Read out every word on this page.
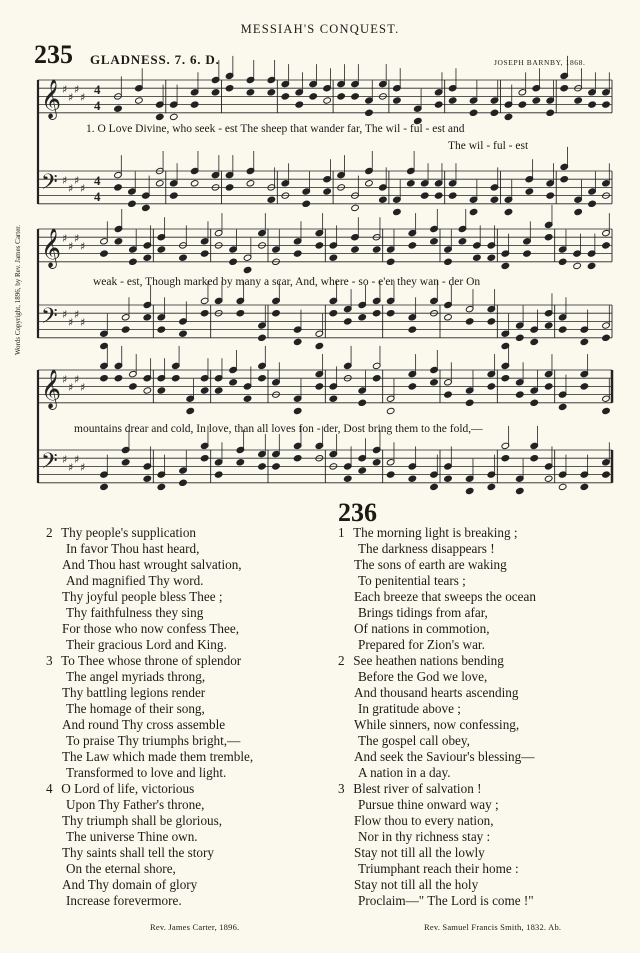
MESSIAH'S CONQUEST.
235 GLADNESS. 7. 6. D.	JOSEPH BARNBY, 1868.
Words Copyright, 1896, by Rev. James Carter.
𝄞 ♯
♯
♯
♯
𝄢 ♯
♯
♯
♯
𝄞 ♯
♯
♯
♯
𝄢 ♯
♯
♯
♯
𝄞 ♯
♯
♯
♯
𝄢 ♯
♯
♯
♯
4
4
4
4
1. O Love Divine, who seek - est The sheep that wander far, The wil - ful - est and
The wil - ful - est
weak - est, Though marked by many a scar, And, where - so - e'er they wan - der On
mountains drear and cold, In love, than all loves fon - der, Dost bring them to the fold,—
2 Thy people's supplication
In favor Thou hast heard,
And Thou hast wrought salvation,
And magnified Thy word.
Thy joyful people bless Thee ;
Thy faithfulness they sing
For those who now confess Thee,
Their gracious Lord and King.
3 To Thee whose throne of splendor
The angel myriads throng,
Thy battling legions render
The homage of their song,
And round Thy cross assemble
To praise Thy triumphs bright,—
The Law which made them tremble,
Transformed to love and light.
4 O Lord of life, victorious
Upon Thy Father's throne,
Thy triumph shall be glorious,
The universe Thine own.
Thy saints shall tell the story
On the eternal shore,
And Thy domain of glory
Increase forevermore.
Rev. James Carter, 1896.
236
1 The morning light is breaking ;
The darkness disappears !
The sons of earth are waking
To penitential tears ;
Each breeze that sweeps the ocean
Brings tidings from afar,
Of nations in commotion,
Prepared for Zion's war.
2 See heathen nations bending
Before the God we love,
And thousand hearts ascending
In gratitude above ;
While sinners, now confessing,
The gospel call obey,
And seek the Saviour's blessing—
A nation in a day.
3 Blest river of salvation !
Pursue thine onward way ;
Flow thou to every nation,
Nor in thy richness stay :
Stay not till all the lowly
Triumphant reach their home :
Stay not till all the holy
Proclaim—" The Lord is come !"
Rev. Samuel Francis Smith, 1832. Ab.
